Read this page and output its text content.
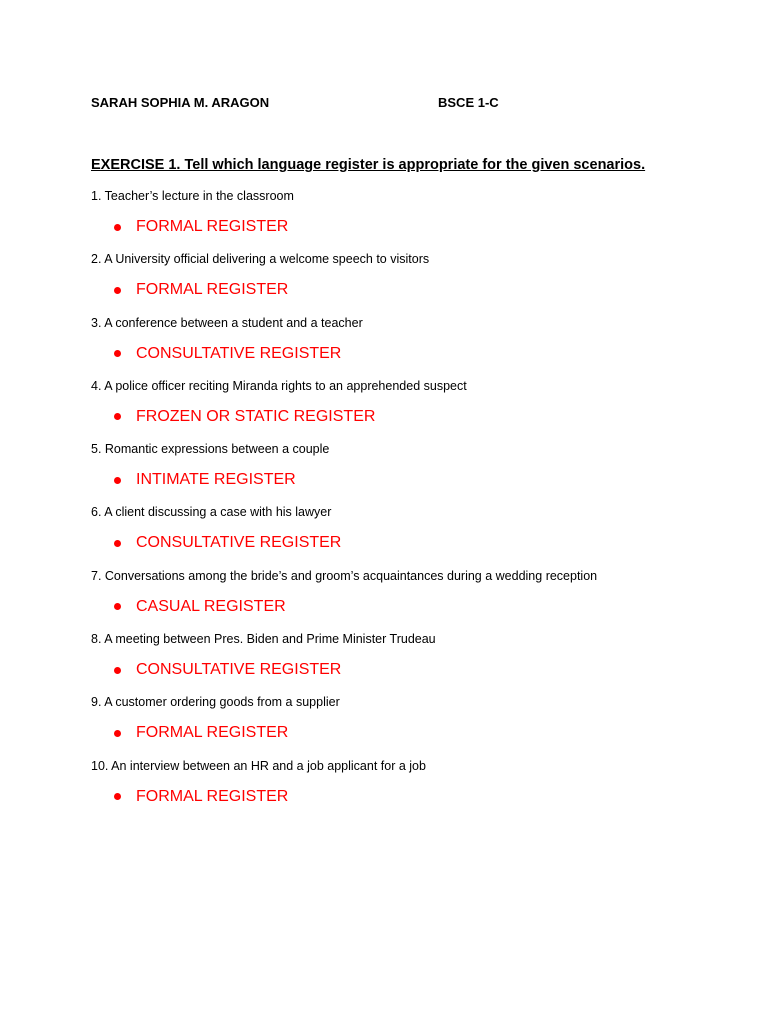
SARAH SOPHIA M. ARAGON	BSCE 1-C
EXERCISE 1. Tell which language register is appropriate for the given scenarios.
1. Teacher’s lecture in the classroom
FORMAL REGISTER
2. A University official delivering a welcome speech to visitors
FORMAL REGISTER
3. A conference between a student and a teacher
CONSULTATIVE REGISTER
4. A police officer reciting Miranda rights to an apprehended suspect
FROZEN OR STATIC REGISTER
5. Romantic expressions between a couple
INTIMATE REGISTER
6. A client discussing a case with his lawyer
CONSULTATIVE REGISTER
7. Conversations among the bride’s and groom’s acquaintances during a wedding reception
CASUAL REGISTER
8. A meeting between Pres. Biden and Prime Minister Trudeau
CONSULTATIVE REGISTER
9. A customer ordering goods from a supplier
FORMAL REGISTER
10. An interview between an HR and a job applicant for a job
FORMAL REGISTER
